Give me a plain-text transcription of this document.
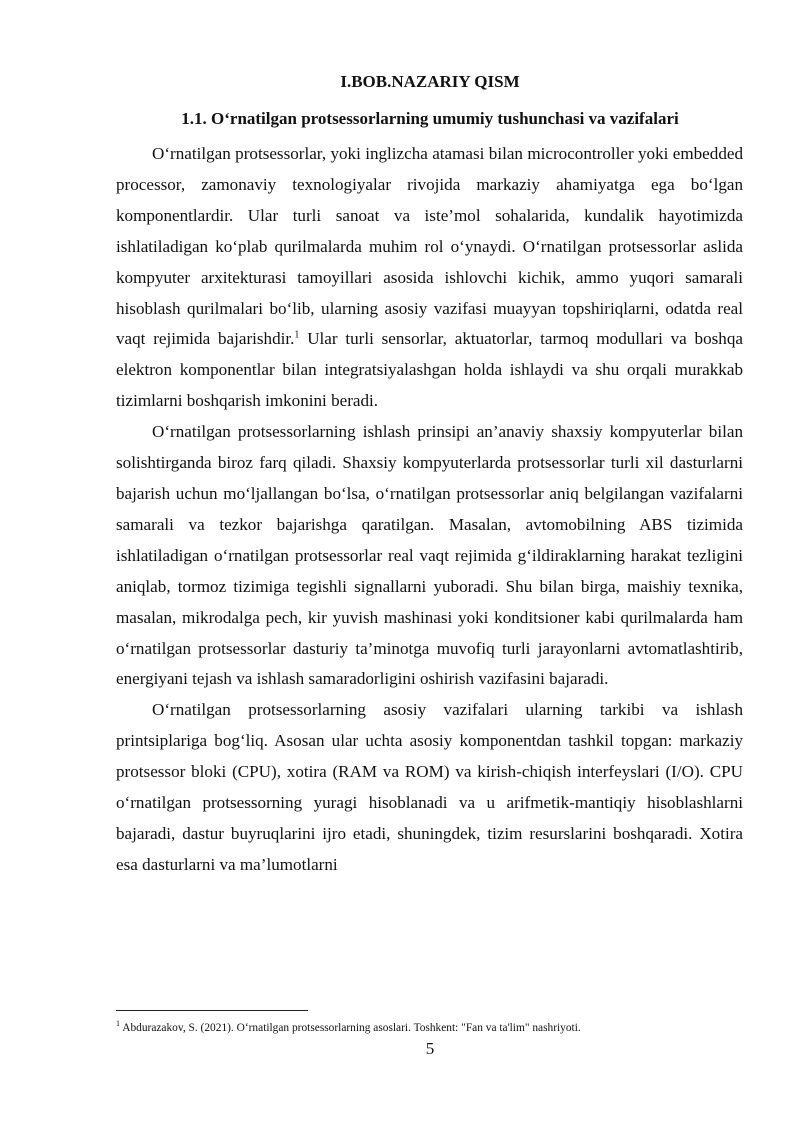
I.BOB.NAZARIY QISM
1.1. O‘rnatilgan protsessorlarning umumiy tushunchasi va vazifalari

O‘rnatilgan protsessorlar, yoki inglizcha atamasi bilan microcontroller yoki embedded processor, zamonaviy texnologiyalar rivojida markaziy ahamiyatga ega bo‘lgan komponentlardir. Ular turli sanoat va iste’mol sohalarida, kundalik hayotimizda ishlatiladigan ko‘plab qurilmalarda muhim rol o‘ynaydi. O‘rnatilgan protsessorlar aslida kompyuter arxitekturasi tamoyillari asosida ishlovchi kichik, ammo yuqori samarali hisoblash qurilmalari bo‘lib, ularning asosiy vazifasi muayyan topshiriqlarni, odatda real vaqt rejimida bajarishdir.$^1$ Ular turli sensorlar, aktuatorlar, tarmoq modullari va boshqa elektron komponentlar bilan integratsiyalashgan holda ishlaydi va shu orqali murakkab tizimlarni boshqarish imkonini beradi.

O‘rnatilgan protsessorlarning ishlash prinsipi an’anaviy shaxsiy kompyuterlar bilan solishtirganda biroz farq qiladi. Shaxsiy kompyuterlarda protsessorlar turli xil dasturlarni bajarish uchun mo‘ljallangan bo‘lsa, o‘rnatilgan protsessorlar aniq belgilangan vazifalarni samarali va tezkor bajarishga qaratilgan. Masalan, avtomobilning ABS tizimida ishlatiladigan o‘rnatilgan protsessorlar real vaqt rejimida g‘ildiraklarning harakat tezligini aniqlab, tormoz tizimiga tegishli signallarni yuboradi. Shu bilan birga, maishiy texnika, masalan, mikrodalga pech, kir yuvish mashinasi yoki konditsioner kabi qurilmalarda ham o‘rnatilgan protsessorlar dasturiy ta’minotga muvofiq turli jarayonlarni avtomatlashtirib, energiyani tejash va ishlash samaradorligini oshirish vazifasini bajaradi.

O‘rnatilgan protsessorlarning asosiy vazifalari ularning tarkibi va ishlash printsiplariga bog‘liq. Asosan ular uchta asosiy komponentdan tashkil topgan: markaziy protsessor bloki (CPU), xotira (RAM va ROM) va kirish-chiqish interfeyslari (I/O). CPU o‘rnatilgan protsessorning yuragi hisoblanadi va u arifmetik-mantiqiy hisoblashlarni bajaradi, dastur buyruqlarini ijro etadi, shuningdek, tizim resurslarini boshqaradi. Xotira esa dasturlarni va ma’lumotlarni

$^1$ Abdurazakov, S. (2021). O‘rnatilgan protsessorlarning asoslari. Toshkent: "Fan va ta'lim" nashriyoti.
5
